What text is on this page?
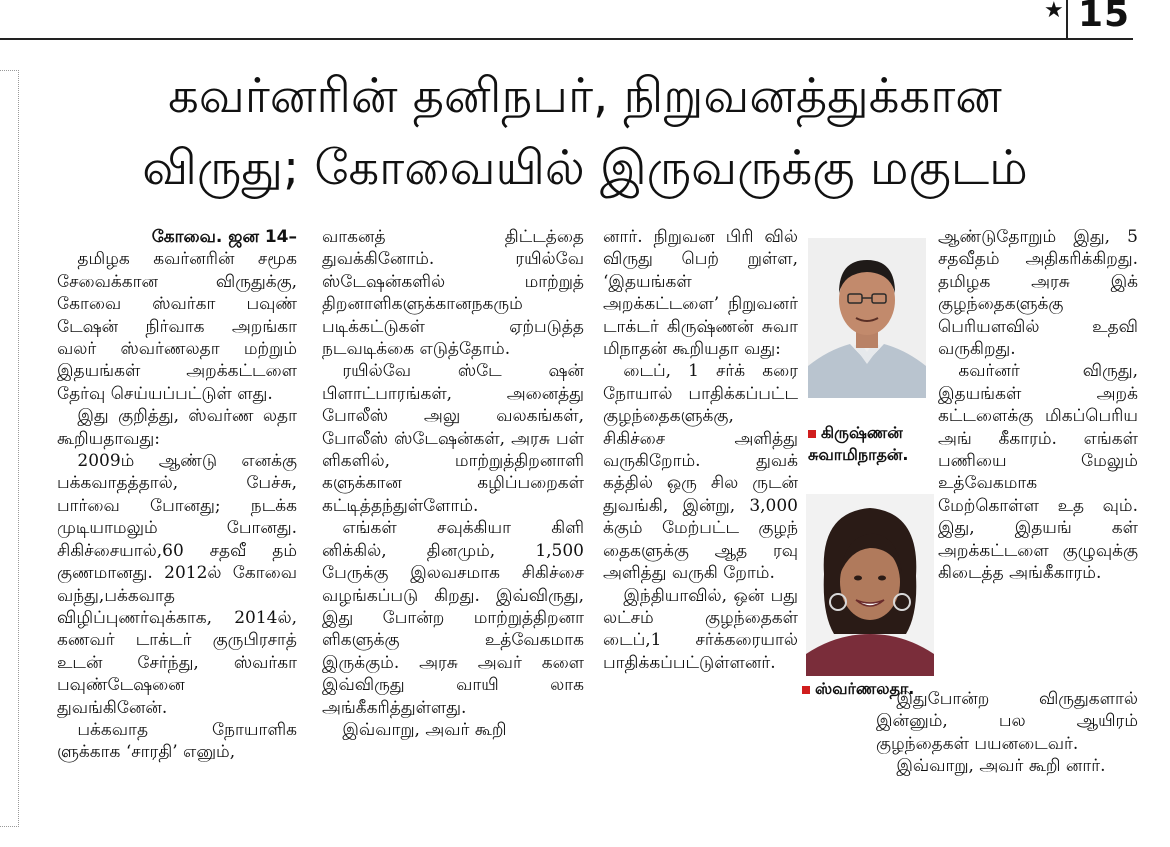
★ 15
கவர்னரின் தனிநபர், நிறுவனத்துக்கான
விருது; கோவையில் இருவருக்கு மகுடம்

கோவை. ஜன 14–

தமிழக கவர்னரின் சமூக சேவைக்கான விருதுக்கு, கோவை ஸ்வர்கா பவுண் டேஷன் நிர்வாக அறங்கா வலர் ஸ்வர்ணலதா மற்றும் இதயங்கள் அறக்கட்டளை தேர்வு செய்யப்பட்டுள் ளது.

இது குறித்து, ஸ்வர்ண லதா கூறியதாவது:

2009ம் ஆண்டு எனக்கு பக்கவாதத்தால், பேச்சு, பார்வை போனது; நடக்க முடியாமலும் போனது. சிகிச்சையால்,60 சதவீ தம் குணமானது. 2012ல் கோவை வந்து,பக்கவாத விழிப்புணர்வுக்காக, 2014ல், கணவர் டாக்டர் குருபிரசாத் உடன் சேர்ந்து, ஸ்வர்கா பவுண்டேஷனை துவங்கினேன்.

பக்கவாத நோயாளிக ளுக்காக ‘சாரதி’ எனும்,

வாகனத் திட்டத்தை துவக்கினோம். ரயில்வே ஸ்டேஷன்களில் மாற்றுத் திறனாளிகளுக்கானநகரும் படிக்கட்டுகள் ஏற்படுத்த நடவடிக்கை எடுத்தோம்.

ரயில்வே ஸ்டே ஷன் பிளாட்பாரங்கள், அனைத்து போலீஸ் அலு வலகங்கள், போலீஸ் ஸ்டேஷன்கள், அரசு பள் ளிகளில், மாற்றுத்திறனாளி களுக்கான கழிப்பறைகள் கட்டித்தந்துள்ளோம்.

எங்கள் சவுக்கியா கிளி னிக்கில், தினமும், 1,500 பேருக்கு இலவசமாக சிகிச்சை வழங்கப்படு கிறது. இவ்விருது, இது போன்ற மாற்றுத்திறனா ளிகளுக்கு உத்வேகமாக இருக்கும். அரசு அவர் களை இவ்விருது வாயி லாக அங்கீகரித்துள்ளது.

இவ்வாறு, அவர் கூறி

னார். நிறுவன பிரி வில் விருது பெற் றுள்ள, ‘இதயங்கள் அறக்கட்டளை’ நிறுவனர் டாக்டர் கிருஷ்ணன் சுவா மிநாதன் கூறியதா வது:

டைப், 1 சர்க் கரை நோயால் பாதிக்கப்பட்ட குழந்தைகளுக்கு, சிகிச்சை அளித்து வருகிறோம். துவக் கத்தில் ஒரு சில ருடன் துவங்கி, இன்று, 3,000 க்கும் மேற்பட்ட குழந் தைகளுக்கு ஆத ரவு அளித்து வருகி றோம்.

இந்தியாவில், ஒன் பது லட்சம் குழந்தைகள் டைப்,1 சர்க்கரையால் பாதிக்கப்பட்டுள்ளனர்.

கிருஷ்ணன்
சுவாமிநாதன்.

ஆண்டுதோறும் இது, 5 சதவீதம் அதிகரிக்கிறது. தமிழக அரசு இக் குழந்தைகளுக்கு பெரியளவில் உதவி வருகிறது.

கவர்னர் விருது, இதயங்கள் அறக் கட்டளைக்கு மிகப்பெரிய அங் கீகாரம். எங்கள் பணியை மேலும் உத்வேகமாக மேற்கொள்ள உத வும். இது, இதயங் கள் அறக்கட்டளை குழுவுக்கு கிடைத்த அங்கீகாரம்.

ஸ்வர்ணலதா.

இதுபோன்ற விருதுகளால் இன்னும், பல ஆயிரம் குழந்தைகள் பயனடைவர்.

இவ்வாறு, அவர் கூறி னார்.
